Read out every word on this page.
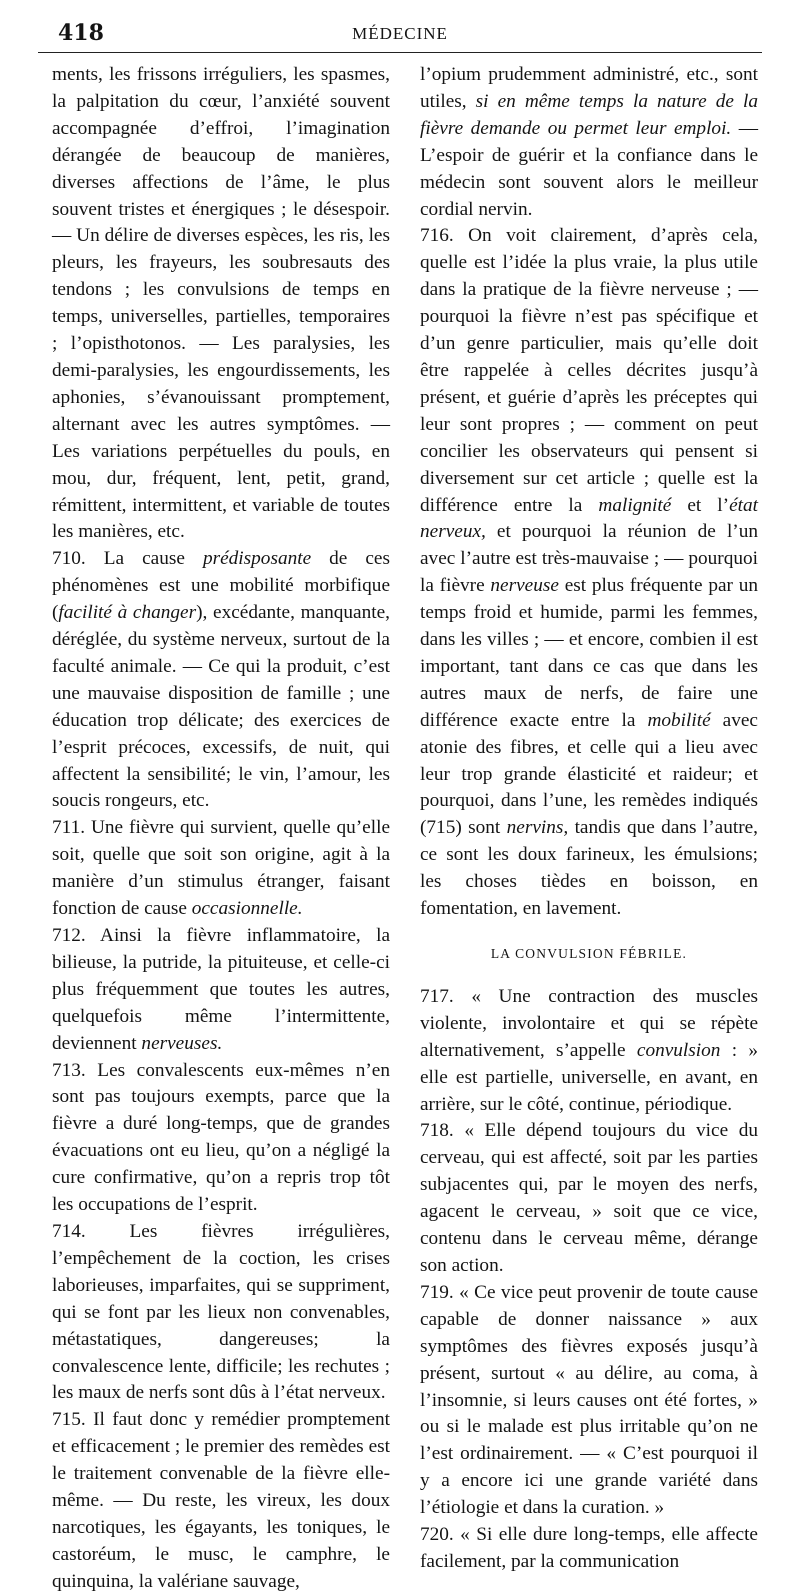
418	MÉDECINE

ments, les frissons irréguliers, les spasmes, la palpitation du cœur, l’anxiété souvent accompagnée d’effroi, l’imagination dérangée de beaucoup de manières, diverses affections de l’âme, le plus souvent tristes et énergiques ; le désespoir. — Un délire de diverses espèces, les ris, les pleurs, les frayeurs, les soubresauts des tendons ; les convulsions de temps en temps, universelles, partielles, temporaires ; l’opisthotonos. — Les paralysies, les demi-paralysies, les engourdissements, les aphonies, s’évanouissant promptement, alternant avec les autres symptômes. — Les variations perpétuelles du pouls, en mou, dur, fréquent, lent, petit, grand, rémittent, intermittent, et variable de toutes les manières, etc.

710. La cause prédisposante de ces phénomènes est une mobilité morbifique (facilité à changer), excédante, manquante, déréglée, du système nerveux, surtout de la faculté animale. — Ce qui la produit, c’est une mauvaise disposition de famille ; une éducation trop délicate; des exercices de l’esprit précoces, excessifs, de nuit, qui affectent la sensibilité; le vin, l’amour, les soucis rongeurs, etc.

711. Une fièvre qui survient, quelle qu’elle soit, quelle que soit son origine, agit à la manière d’un stimulus étranger, faisant fonction de cause occasionnelle.

712. Ainsi la fièvre inflammatoire, la bilieuse, la putride, la pituiteuse, et celle-ci plus fréquemment que toutes les autres, quelquefois même l’intermittente, deviennent nerveuses.

713. Les convalescents eux-mêmes n’en sont pas toujours exempts, parce que la fièvre a duré long-temps, que de grandes évacuations ont eu lieu, qu’on a négligé la cure confirmative, qu’on a repris trop tôt les occupations de l’esprit.

714. Les fièvres irrégulières, l’empêchement de la coction, les crises laborieuses, imparfaites, qui se suppriment, qui se font par les lieux non convenables, métastatiques, dangereuses; la convalescence lente, difficile; les rechutes ; les maux de nerfs sont dûs à l’état nerveux.

715. Il faut donc y remédier promptement et efficacement ; le premier des remèdes est le traitement convenable de la fièvre elle-même. — Du reste, les vireux, les doux narcotiques, les égayants, les toniques, le castoréum, le musc, le camphre, le quinquina, la valériane sauvage,

l’opium prudemment administré, etc., sont utiles, si en même temps la nature de la fièvre demande ou permet leur emploi. — L’espoir de guérir et la confiance dans le médecin sont souvent alors le meilleur cordial nervin.

716. On voit clairement, d’après cela, quelle est l’idée la plus vraie, la plus utile dans la pratique de la fièvre nerveuse ; — pourquoi la fièvre n’est pas spécifique et d’un genre particulier, mais qu’elle doit être rappelée à celles décrites jusqu’à présent, et guérie d’après les préceptes qui leur sont propres ; — comment on peut concilier les observateurs qui pensent si diversement sur cet article ; quelle est la différence entre la malignité et l’état nerveux, et pourquoi la réunion de l’un avec l’autre est très-mauvaise ; — pourquoi la fièvre nerveuse est plus fréquente par un temps froid et humide, parmi les femmes, dans les villes ; — et encore, combien il est important, tant dans ce cas que dans les autres maux de nerfs, de faire une différence exacte entre la mobilité avec atonie des fibres, et celle qui a lieu avec leur trop grande élasticité et raideur; et pourquoi, dans l’une, les remèdes indiqués (715) sont nervins, tandis que dans l’autre, ce sont les doux farineux, les émulsions; les choses tièdes en boisson, en fomentation, en lavement.

LA CONVULSION FÉBRILE.

717. « Une contraction des muscles violente, involontaire et qui se répète alternativement, s’appelle convulsion : » elle est partielle, universelle, en avant, en arrière, sur le côté, continue, périodique.

718. « Elle dépend toujours du vice du cerveau, qui est affecté, soit par les parties subjacentes qui, par le moyen des nerfs, agacent le cerveau, » soit que ce vice, contenu dans le cerveau même, dérange son action.

719. « Ce vice peut provenir de toute cause capable de donner naissance » aux symptômes des fièvres exposés jusqu’à présent, surtout « au délire, au coma, à l’insomnie, si leurs causes ont été fortes, » ou si le malade est plus irritable qu’on ne l’est ordinairement. — « C’est pourquoi il y a encore ici une grande variété dans l’étiologie et dans la curation. »

720. « Si elle dure long-temps, elle affecte facilement, par la communication
